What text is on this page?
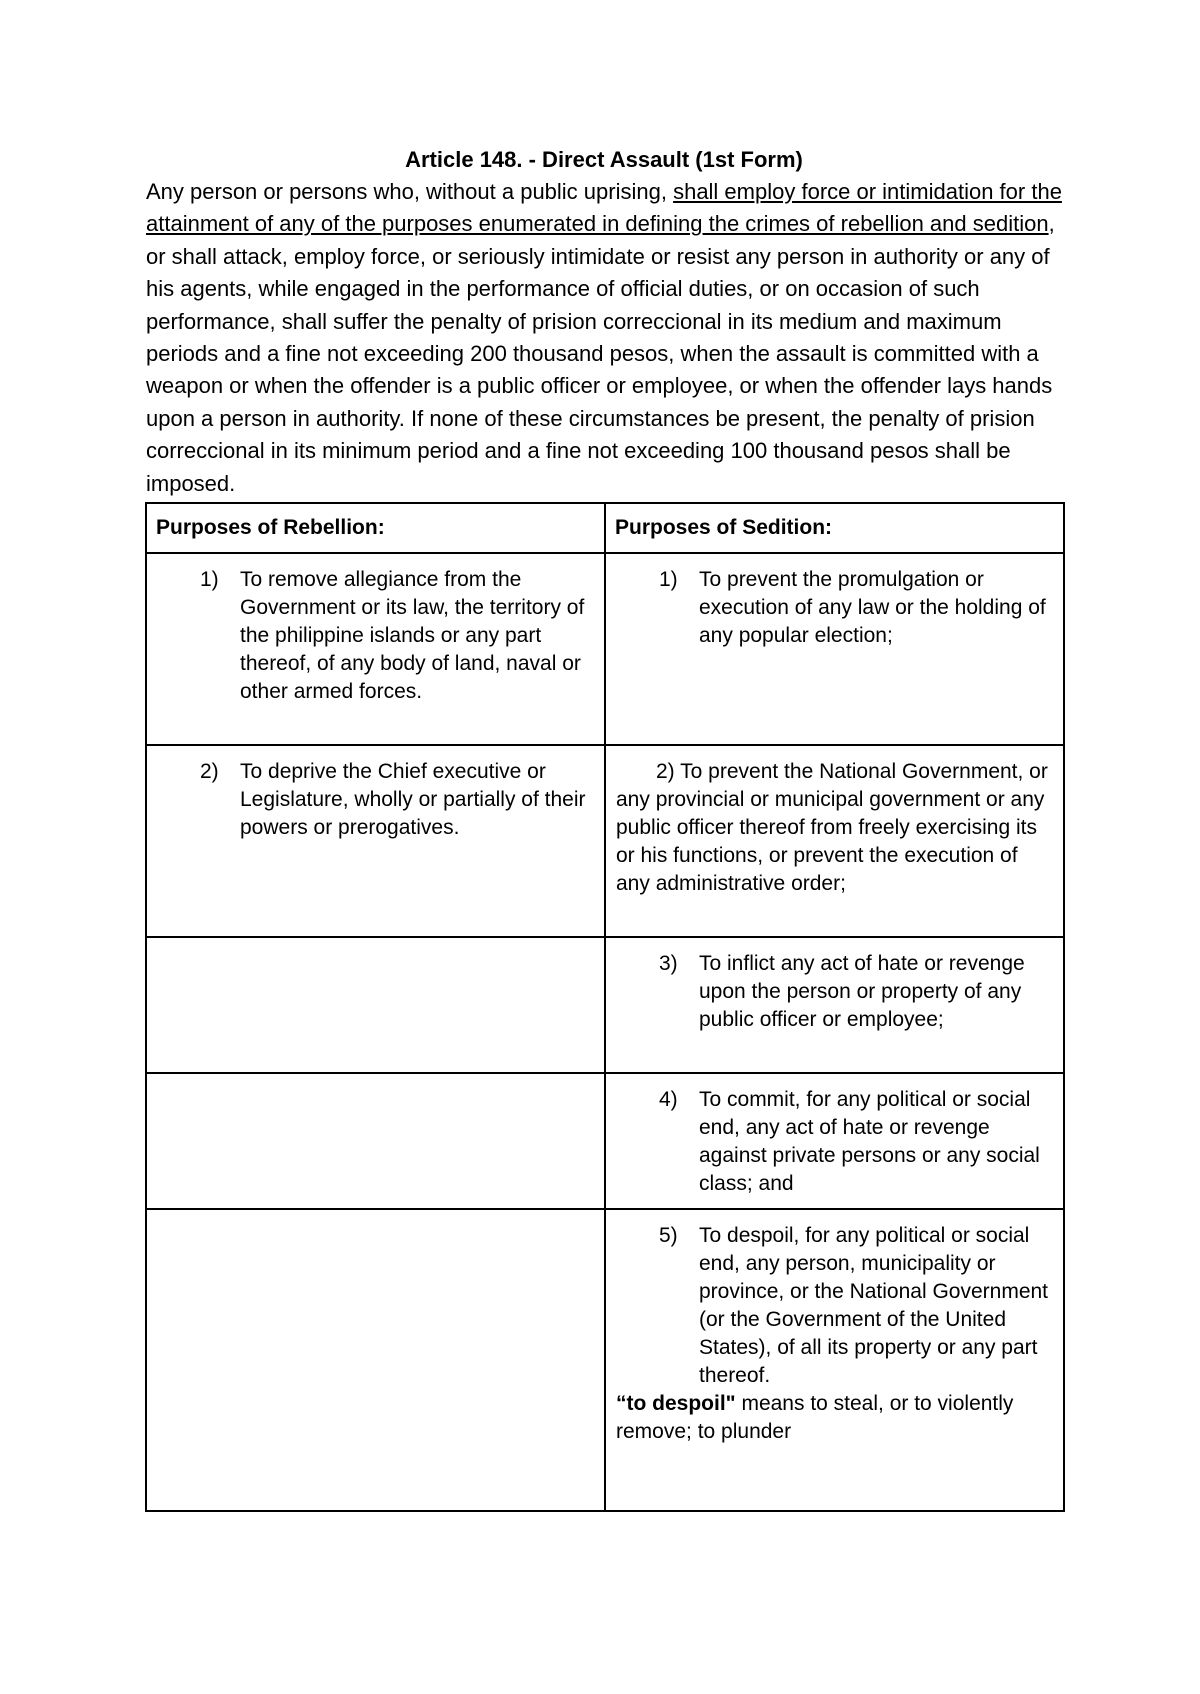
Article 148. - Direct Assault (1st Form)

Any person or persons who, without a public uprising, shall employ force or intimidation for the attainment of any of the purposes enumerated in defining the crimes of rebellion and sedition, or shall attack, employ force, or seriously intimidate or resist any person in authority or any of his agents, while engaged in the performance of official duties, or on occasion of such performance, shall suffer the penalty of prision correccional in its medium and maximum periods and a fine not exceeding 200 thousand pesos, when the assault is committed with a weapon or when the offender is a public officer or employee, or when the offender lays hands upon a person in authority. If none of these circumstances be present, the penalty of prision correccional in its minimum period and a fine not exceeding 100 thousand pesos shall be imposed.

Purposes of Rebellion:	Purposes of Sedition:

1) To remove allegiance from the Government or its law, the territory of the philippine islands or any part thereof, of any body of land, naval or other armed forces.	1) To prevent the promulgation or execution of any law or the holding of any popular election;

2) To deprive the Chief executive or Legislature, wholly or partially of their powers or prerogatives.	2) To prevent the National Government, or any provincial or municipal government or any public officer thereof from freely exercising its or his functions, or prevent the execution of any administrative order;

	3) To inflict any act of hate or revenge upon the person or property of any public officer or employee;

	4) To commit, for any political or social end, any act of hate or revenge against private persons or any social class; and

	5) To despoil, for any political or social end, any person, municipality or province, or the National Government (or the Government of the United States), of all its property or any part thereof.
“to despoil" means to steal, or to violently remove; to plunder
